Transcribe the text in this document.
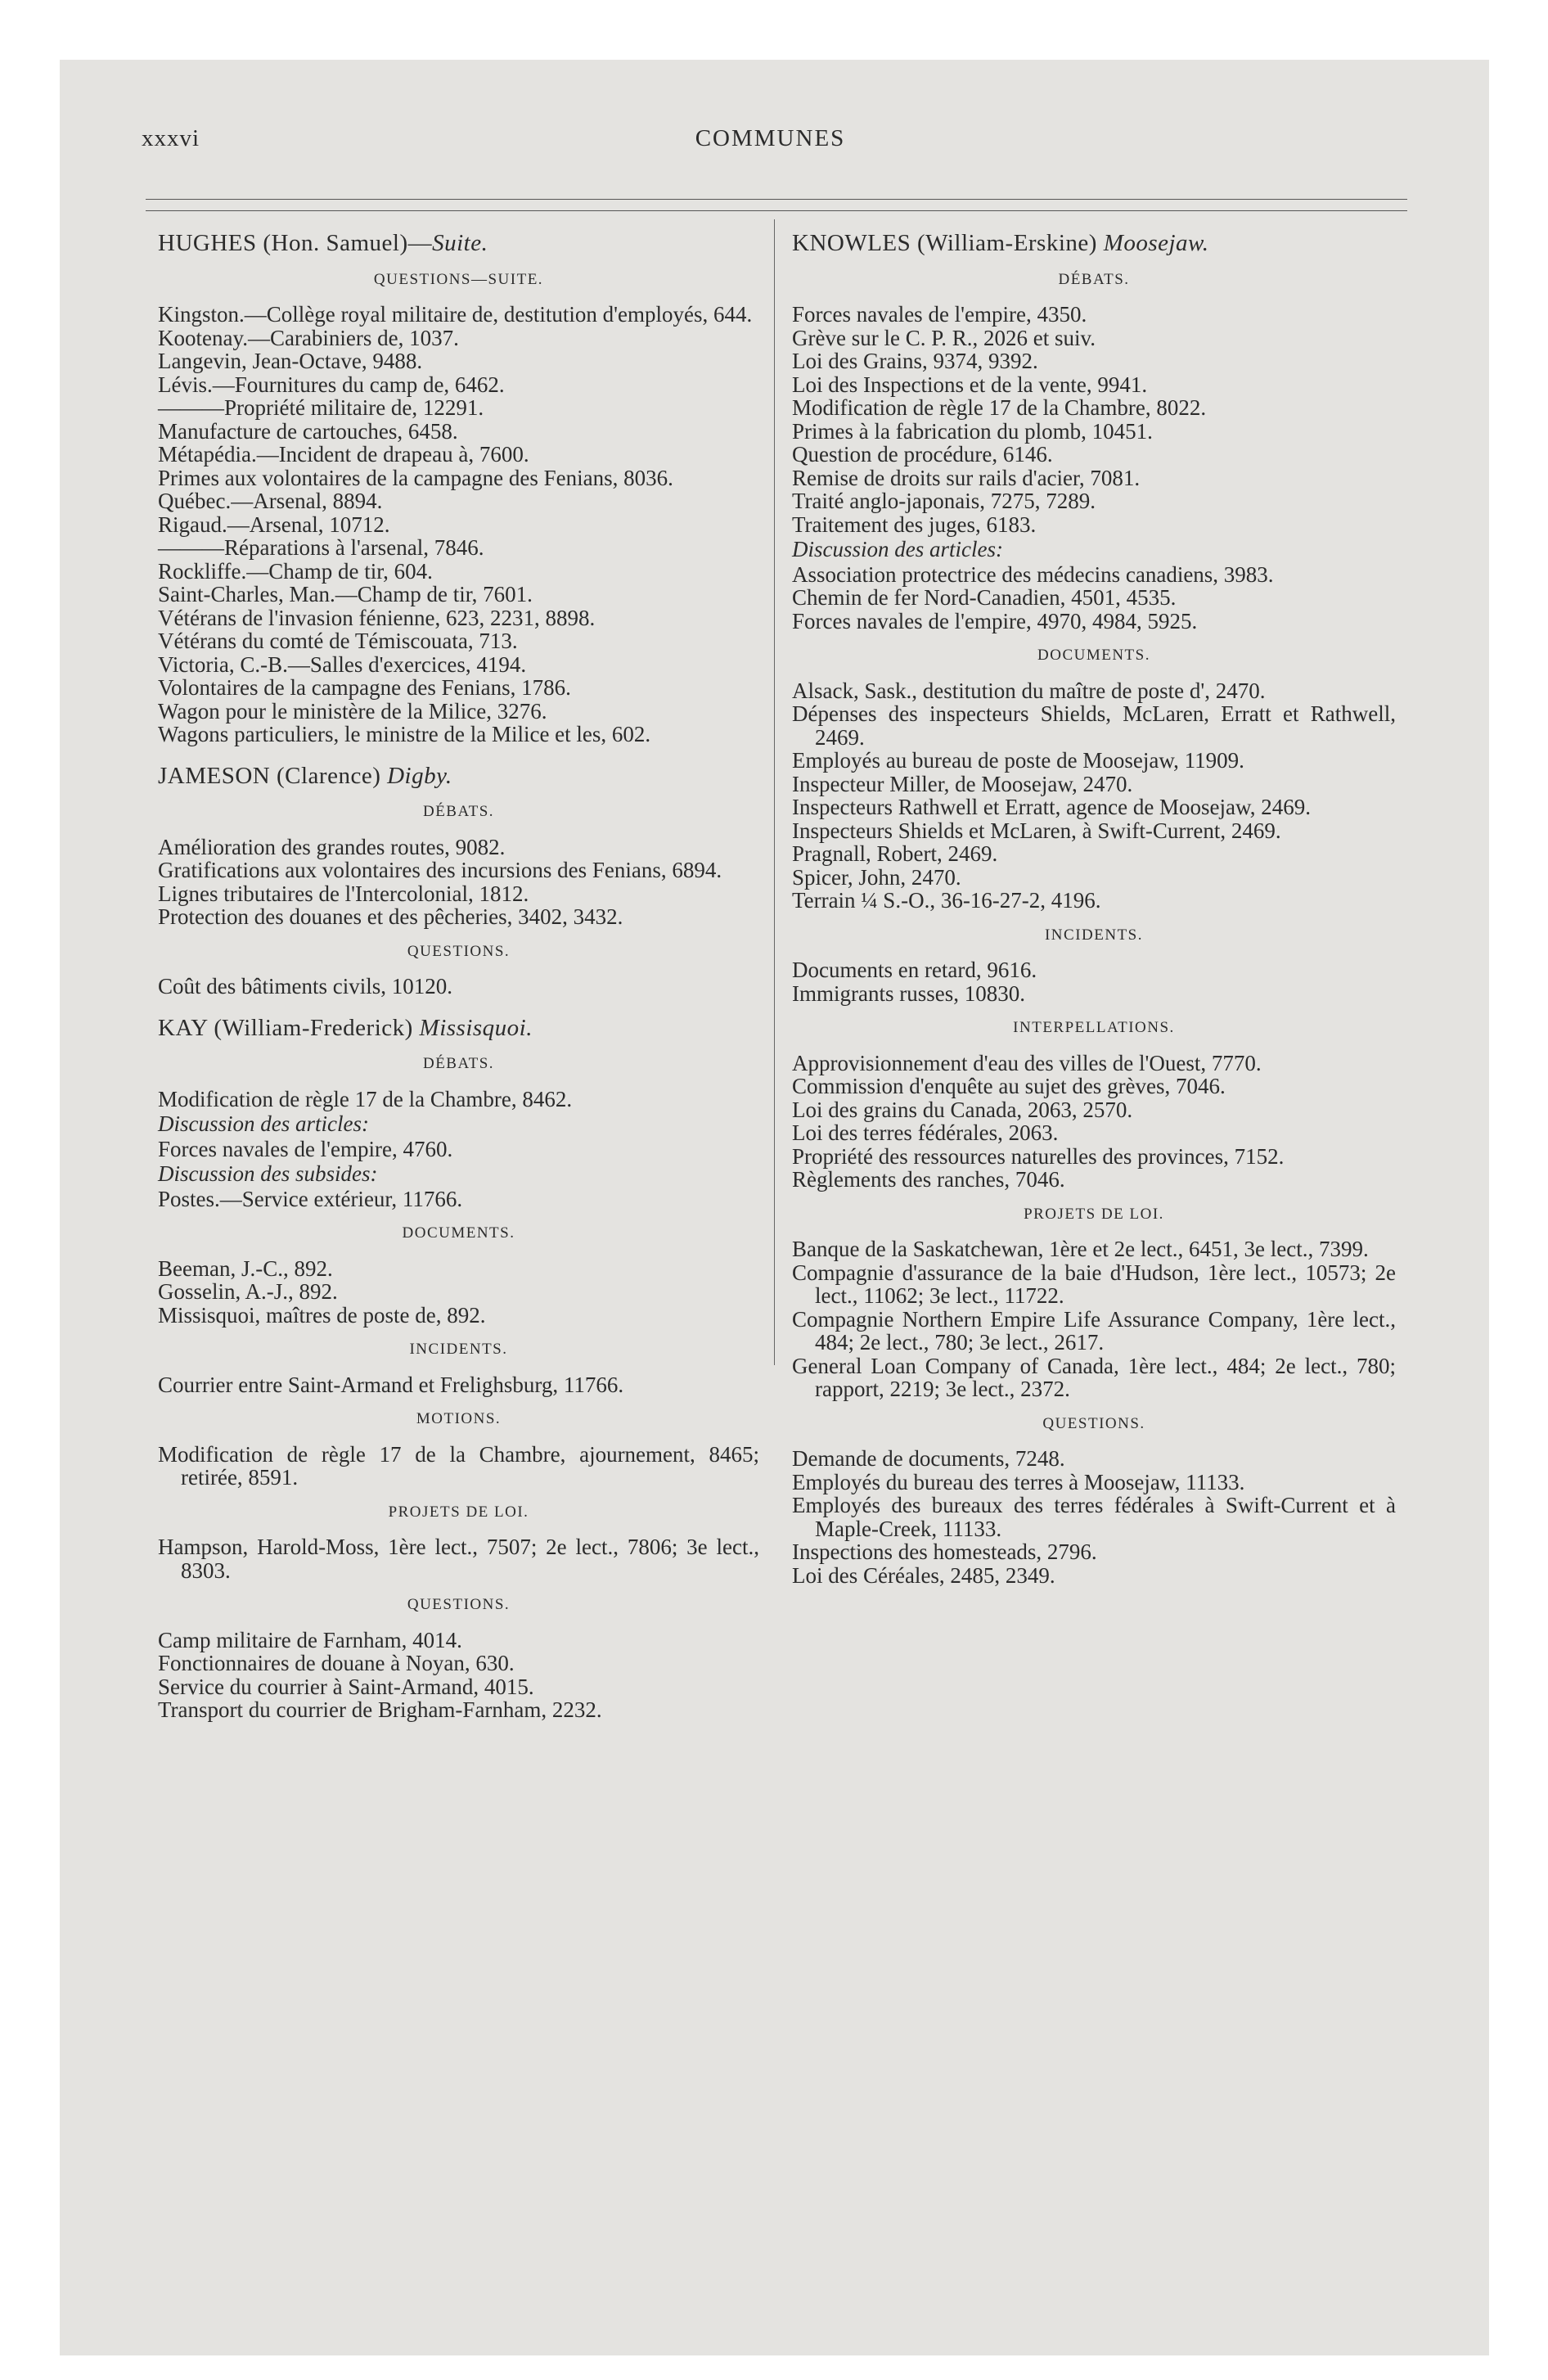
xxxvi	COMMUNES
HUGHES (Hon. Samuel)—Suite.
QUESTIONS—SUITE.

Kingston.—Collège royal militaire de, destitution d'employés, 644.

Kootenay.—Carabiniers de, 1037.

Langevin, Jean-Octave, 9488.

Lévis.—Fournitures du camp de, 6462.

———Propriété militaire de, 12291.

Manufacture de cartouches, 6458.

Métapédia.—Incident de drapeau à, 7600.

Primes aux volontaires de la campagne des Fenians, 8036.

Québec.—Arsenal, 8894.

Rigaud.—Arsenal, 10712.

———Réparations à l'arsenal, 7846.

Rockliffe.—Champ de tir, 604.

Saint-Charles, Man.—Champ de tir, 7601.

Vétérans de l'invasion fénienne, 623, 2231, 8898.

Vétérans du comté de Témiscouata, 713.

Victoria, C.-B.—Salles d'exercices, 4194.

Volontaires de la campagne des Fenians, 1786.

Wagon pour le ministère de la Milice, 3276.

Wagons particuliers, le ministre de la Milice et les, 602.

JAMESON (Clarence) Digby.
DÉBATS.

Amélioration des grandes routes, 9082.

Gratifications aux volontaires des incursions des Fenians, 6894.

Lignes tributaires de l'Intercolonial, 1812.

Protection des douanes et des pêcheries, 3402, 3432.

QUESTIONS.

Coût des bâtiments civils, 10120.

KAY (William-Frederick) Missisquoi.
DÉBATS.

Modification de règle 17 de la Chambre, 8462.

Discussion des articles:

Forces navales de l'empire, 4760.

Discussion des subsides:

Postes.—Service extérieur, 11766.

DOCUMENTS.

Beeman, J.-C., 892.

Gosselin, A.-J., 892.

Missisquoi, maîtres de poste de, 892.

INCIDENTS.

Courrier entre Saint-Armand et Frelighsburg, 11766.

MOTIONS.

Modification de règle 17 de la Chambre, ajournement, 8465; retirée, 8591.

PROJETS DE LOI.

Hampson, Harold-Moss, 1ère lect., 7507; 2e lect., 7806; 3e lect., 8303.

QUESTIONS.

Camp militaire de Farnham, 4014.

Fonctionnaires de douane à Noyan, 630.

Service du courrier à Saint-Armand, 4015.

Transport du courrier de Brigham-Farnham, 2232.

KNOWLES (William-Erskine) Moosejaw.
DÉBATS.

Forces navales de l'empire, 4350.

Grève sur le C. P. R., 2026 et suiv.

Loi des Grains, 9374, 9392.

Loi des Inspections et de la vente, 9941.

Modification de règle 17 de la Chambre, 8022.

Primes à la fabrication du plomb, 10451.

Question de procédure, 6146.

Remise de droits sur rails d'acier, 7081.

Traité anglo-japonais, 7275, 7289.

Traitement des juges, 6183.

Discussion des articles:

Association protectrice des médecins canadiens, 3983.

Chemin de fer Nord-Canadien, 4501, 4535.

Forces navales de l'empire, 4970, 4984, 5925.

DOCUMENTS.

Alsack, Sask., destitution du maître de poste d', 2470.

Dépenses des inspecteurs Shields, McLaren, Erratt et Rathwell, 2469.

Employés au bureau de poste de Moosejaw, 11909.

Inspecteur Miller, de Moosejaw, 2470.

Inspecteurs Rathwell et Erratt, agence de Moosejaw, 2469.

Inspecteurs Shields et McLaren, à Swift-Current, 2469.

Pragnall, Robert, 2469.

Spicer, John, 2470.

Terrain ¼ S.-O., 36-16-27-2, 4196.

INCIDENTS.

Documents en retard, 9616.

Immigrants russes, 10830.

INTERPELLATIONS.

Approvisionnement d'eau des villes de l'Ouest, 7770.

Commission d'enquête au sujet des grèves, 7046.

Loi des grains du Canada, 2063, 2570.

Loi des terres fédérales, 2063.

Propriété des ressources naturelles des provinces, 7152.

Règlements des ranches, 7046.

PROJETS DE LOI.

Banque de la Saskatchewan, 1ère et 2e lect., 6451, 3e lect., 7399.

Compagnie d'assurance de la baie d'Hudson, 1ère lect., 10573; 2e lect., 11062; 3e lect., 11722.

Compagnie Northern Empire Life Assurance Company, 1ère lect., 484; 2e lect., 780; 3e lect., 2617.

General Loan Company of Canada, 1ère lect., 484; 2e lect., 780; rapport, 2219; 3e lect., 2372.

QUESTIONS.

Demande de documents, 7248.

Employés du bureau des terres à Moosejaw, 11133.

Employés des bureaux des terres fédérales à Swift-Current et à Maple-Creek, 11133.

Inspections des homesteads, 2796.

Loi des Céréales, 2485, 2349.
